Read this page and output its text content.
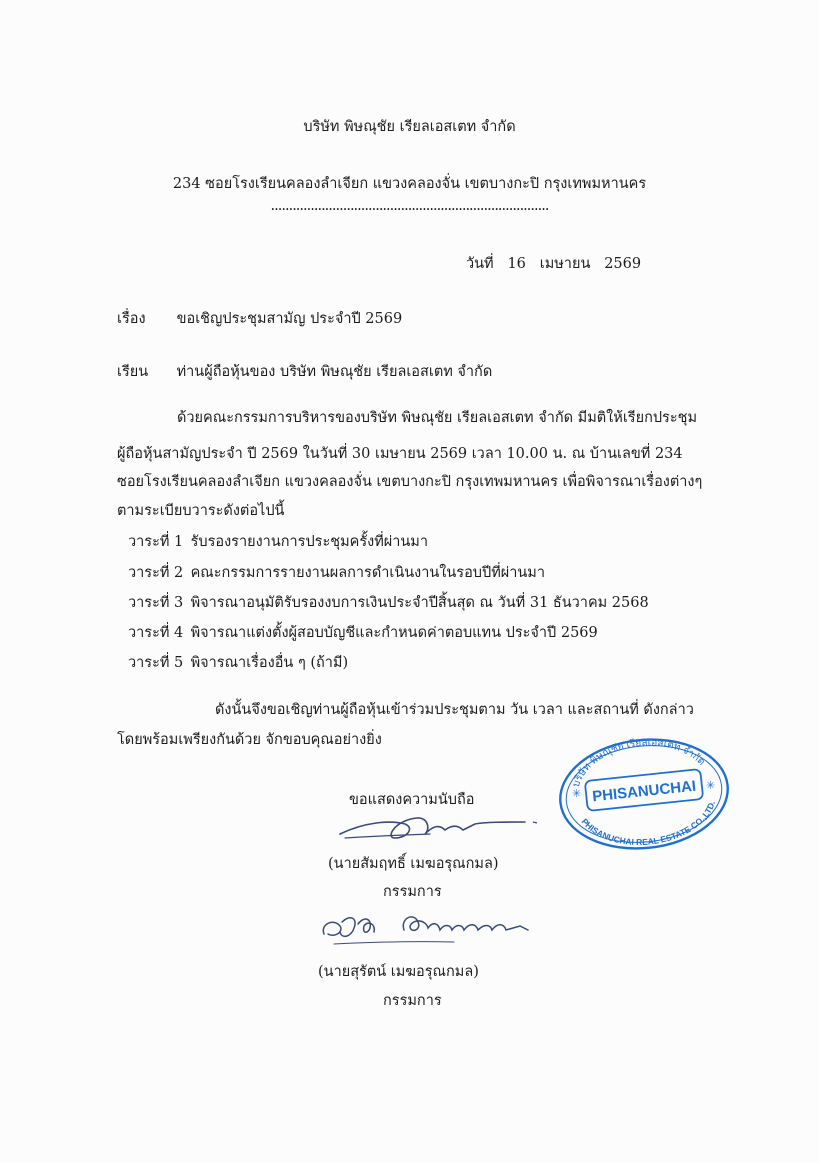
บริษัท พิษณุชัย เรียลเอสเตท จำกัด
234 ซอยโรงเรียนคลองลำเจียก แขวงคลองจั่น เขตบางกะปิ กรุงเทพมหานคร
.............................................................................
วันที่ 16 เมษายน 2569
เรื่อง ขอเชิญประชุมสามัญ ประจำปี 2569
เรียน ท่านผู้ถือหุ้นของ บริษัท พิษณุชัย เรียลเอสเตท จำกัด
ด้วยคณะกรรมการบริหารของบริษัท พิษณุชัย เรียลเอสเตท จำกัด มีมติให้เรียกประชุม
ผู้ถือหุ้นสามัญประจำ ปี 2569 ในวันที่ 30 เมษายน 2569 เวลา 10.00 น. ณ บ้านเลขที่ 234
ซอยโรงเรียนคลองลำเจียก แขวงคลองจั่น เขตบางกะปิ กรุงเทพมหานคร เพื่อพิจารณาเรื่องต่างๆ
ตามระเบียบวาระดังต่อไปนี้
วาระที่ 1 รับรองรายงานการประชุมครั้งที่ผ่านมา
วาระที่ 2 คณะกรรมการรายงานผลการดำเนินงานในรอบปีที่ผ่านมา
วาระที่ 3 พิจารณาอนุมัติรับรองงบการเงินประจำปีสิ้นสุด ณ วันที่ 31 ธันวาคม 2568
วาระที่ 4 พิจารณาแต่งตั้งผู้สอบบัญชีและกำหนดค่าตอบแทน ประจำปี 2569
วาระที่ 5 พิจารณาเรื่องอื่น ๆ (ถ้ามี)
ดังนั้นจึงขอเชิญท่านผู้ถือหุ้นเข้าร่วมประชุมตาม วัน เวลา และสถานที่ ดังกล่าว
โดยพร้อมเพรียงกันด้วย จักขอบคุณอย่างยิ่ง
ขอแสดงความนับถือ
(นายสัมฤทธิ์ เมฆอรุณกมล)
กรรมการ
(นายสุรัตน์ เมฆอรุณกมล)
กรรมการ
PHISANUCHAI
บริษัท พิษณุชัย เรียลเอสเตท จำกัด
PHISANUCHAI REAL ESTATE CO.,LTD.
✳
✳
